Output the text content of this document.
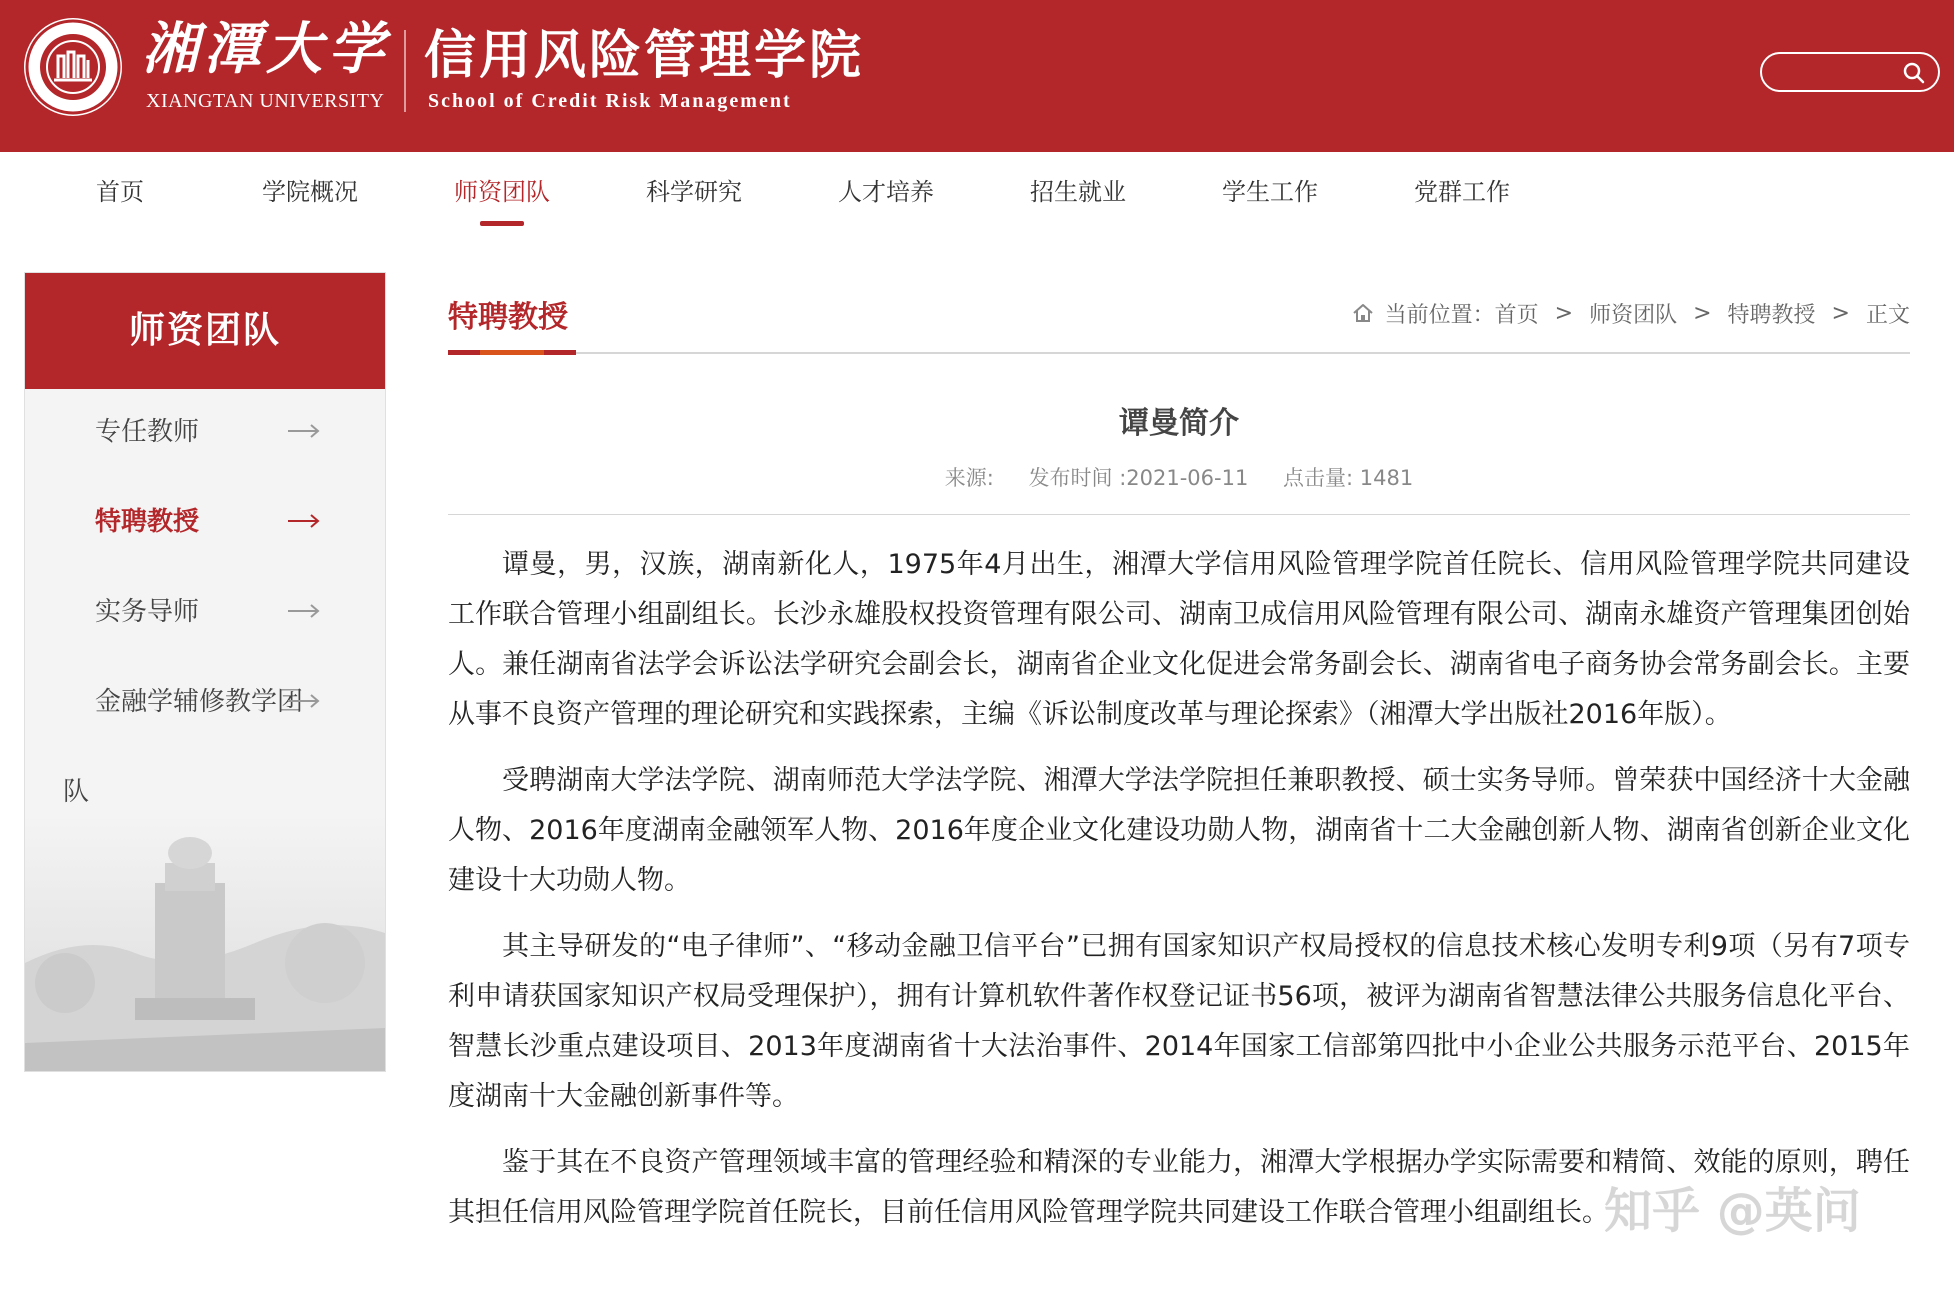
湘潭大学
XIANGTAN UNIVERSITY
信用风险管理学院
School of Credit Risk Management
首页	学院概况	师资团队	科学研究	人才培养	招生就业	学生工作	党群工作
师资团队
专任教师
特聘教授
实务导师
金融学辅修教学团
队
特聘教授	当前位置： 首页 > 师资团队 > 特聘教授 > 正文
谭曼简介
来源: 发布时间 :2021-06-11 点击量: 1481

谭曼，男，汉族，湖南新化人，1975年4月出生，湘潭大学信用风险管理学院首任院长、信用风险管理学院共同建设工作联合管理小组副组长。长沙永雄股权投资管理有限公司、湖南卫成信用风险管理有限公司、湖南永雄资产管理集团创始人。兼任湖南省法学会诉讼法学研究会副会长，湖南省企业文化促进会常务副会长、湖南省电子商务协会常务副会长。主要从事不良资产管理的理论研究和实践探索，主编《诉讼制度改革与理论探索》（湘潭大学出版社2016年版）。

受聘湖南大学法学院、湖南师范大学法学院、湘潭大学法学院担任兼职教授、硕士实务导师。曾荣获中国经济十大金融人物、2016年度湖南金融领军人物、2016年度企业文化建设功勋人物，湖南省十二大金融创新人物、湖南省创新企业文化建设十大功勋人物。

其主导研发的“电子律师”、“移动金融卫信平台”已拥有国家知识产权局授权的信息技术核心发明专利9项（另有7项专利申请获国家知识产权局受理保护），拥有计算机软件著作权登记证书56项，被评为湖南省智慧法律公共服务信息化平台、智慧长沙重点建设项目、2013年度湖南省十大法治事件、2014年国家工信部第四批中小企业公共服务示范平台、2015年度湖南十大金融创新事件等。

鉴于其在不良资产管理领域丰富的管理经验和精深的专业能力，湘潭大学根据办学实际需要和精简、效能的原则，聘任其担任信用风险管理学院首任院长，目前任信用风险管理学院共同建设工作联合管理小组副组长。

知乎 @英问
